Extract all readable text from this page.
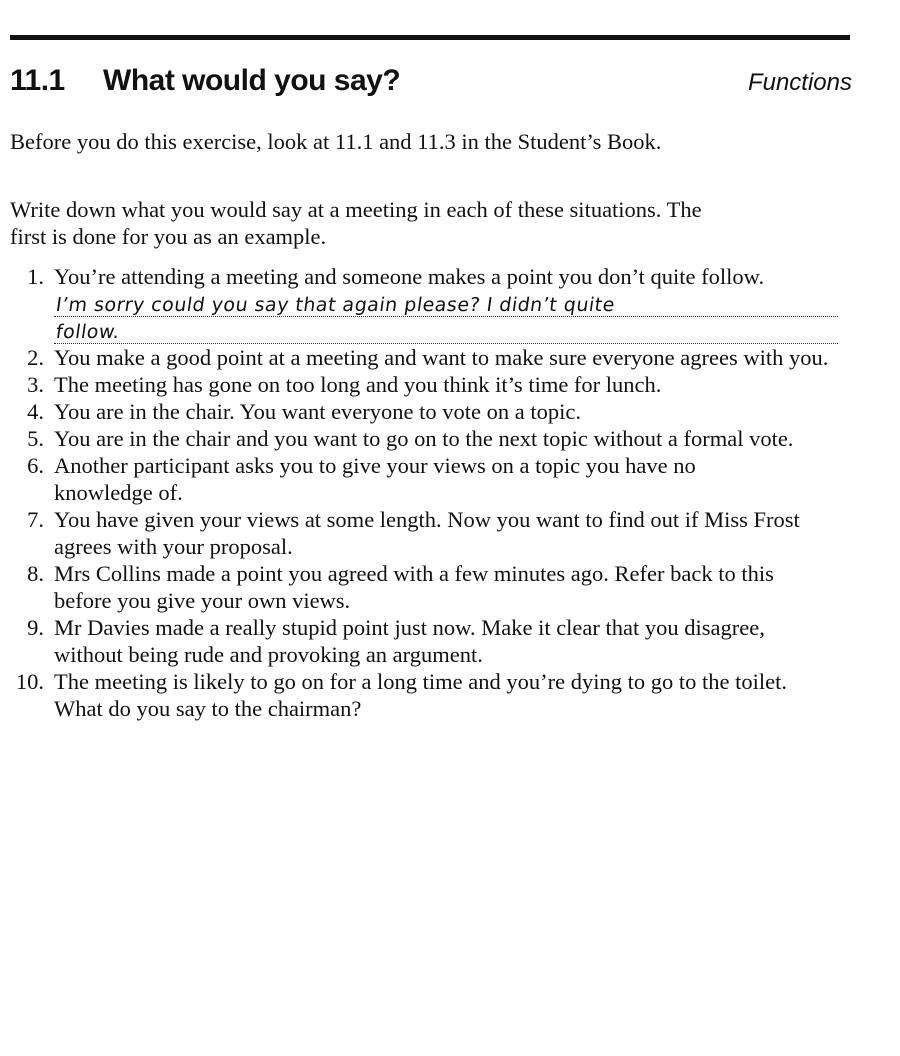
11.1 What would you say?	Functions
Before you do this exercise, look at 11.1 and 11.3 in the Student’s Book.
Write down what you would say at a meeting in each of these situations. The first is done for you as an example.
1. You’re attending a meeting and someone makes a point you don’t quite follow.
I’m sorry could you say that again please? I didn’t quite
follow.
2. You make a good point at a meeting and want to make sure everyone agrees with you.
3. The meeting has gone on too long and you think it’s time for lunch.
4. You are in the chair. You want everyone to vote on a topic.
5. You are in the chair and you want to go on to the next topic without a formal vote.
6. Another participant asks you to give your views on a topic you have no knowledge of.
7. You have given your views at some length. Now you want to find out if Miss Frost agrees with your proposal.
8. Mrs Collins made a point you agreed with a few minutes ago. Refer back to this before you give your own views.
9. Mr Davies made a really stupid point just now. Make it clear that you disagree, without being rude and provoking an argument.
10. The meeting is likely to go on for a long time and you’re dying to go to the toilet. What do you say to the chairman?
